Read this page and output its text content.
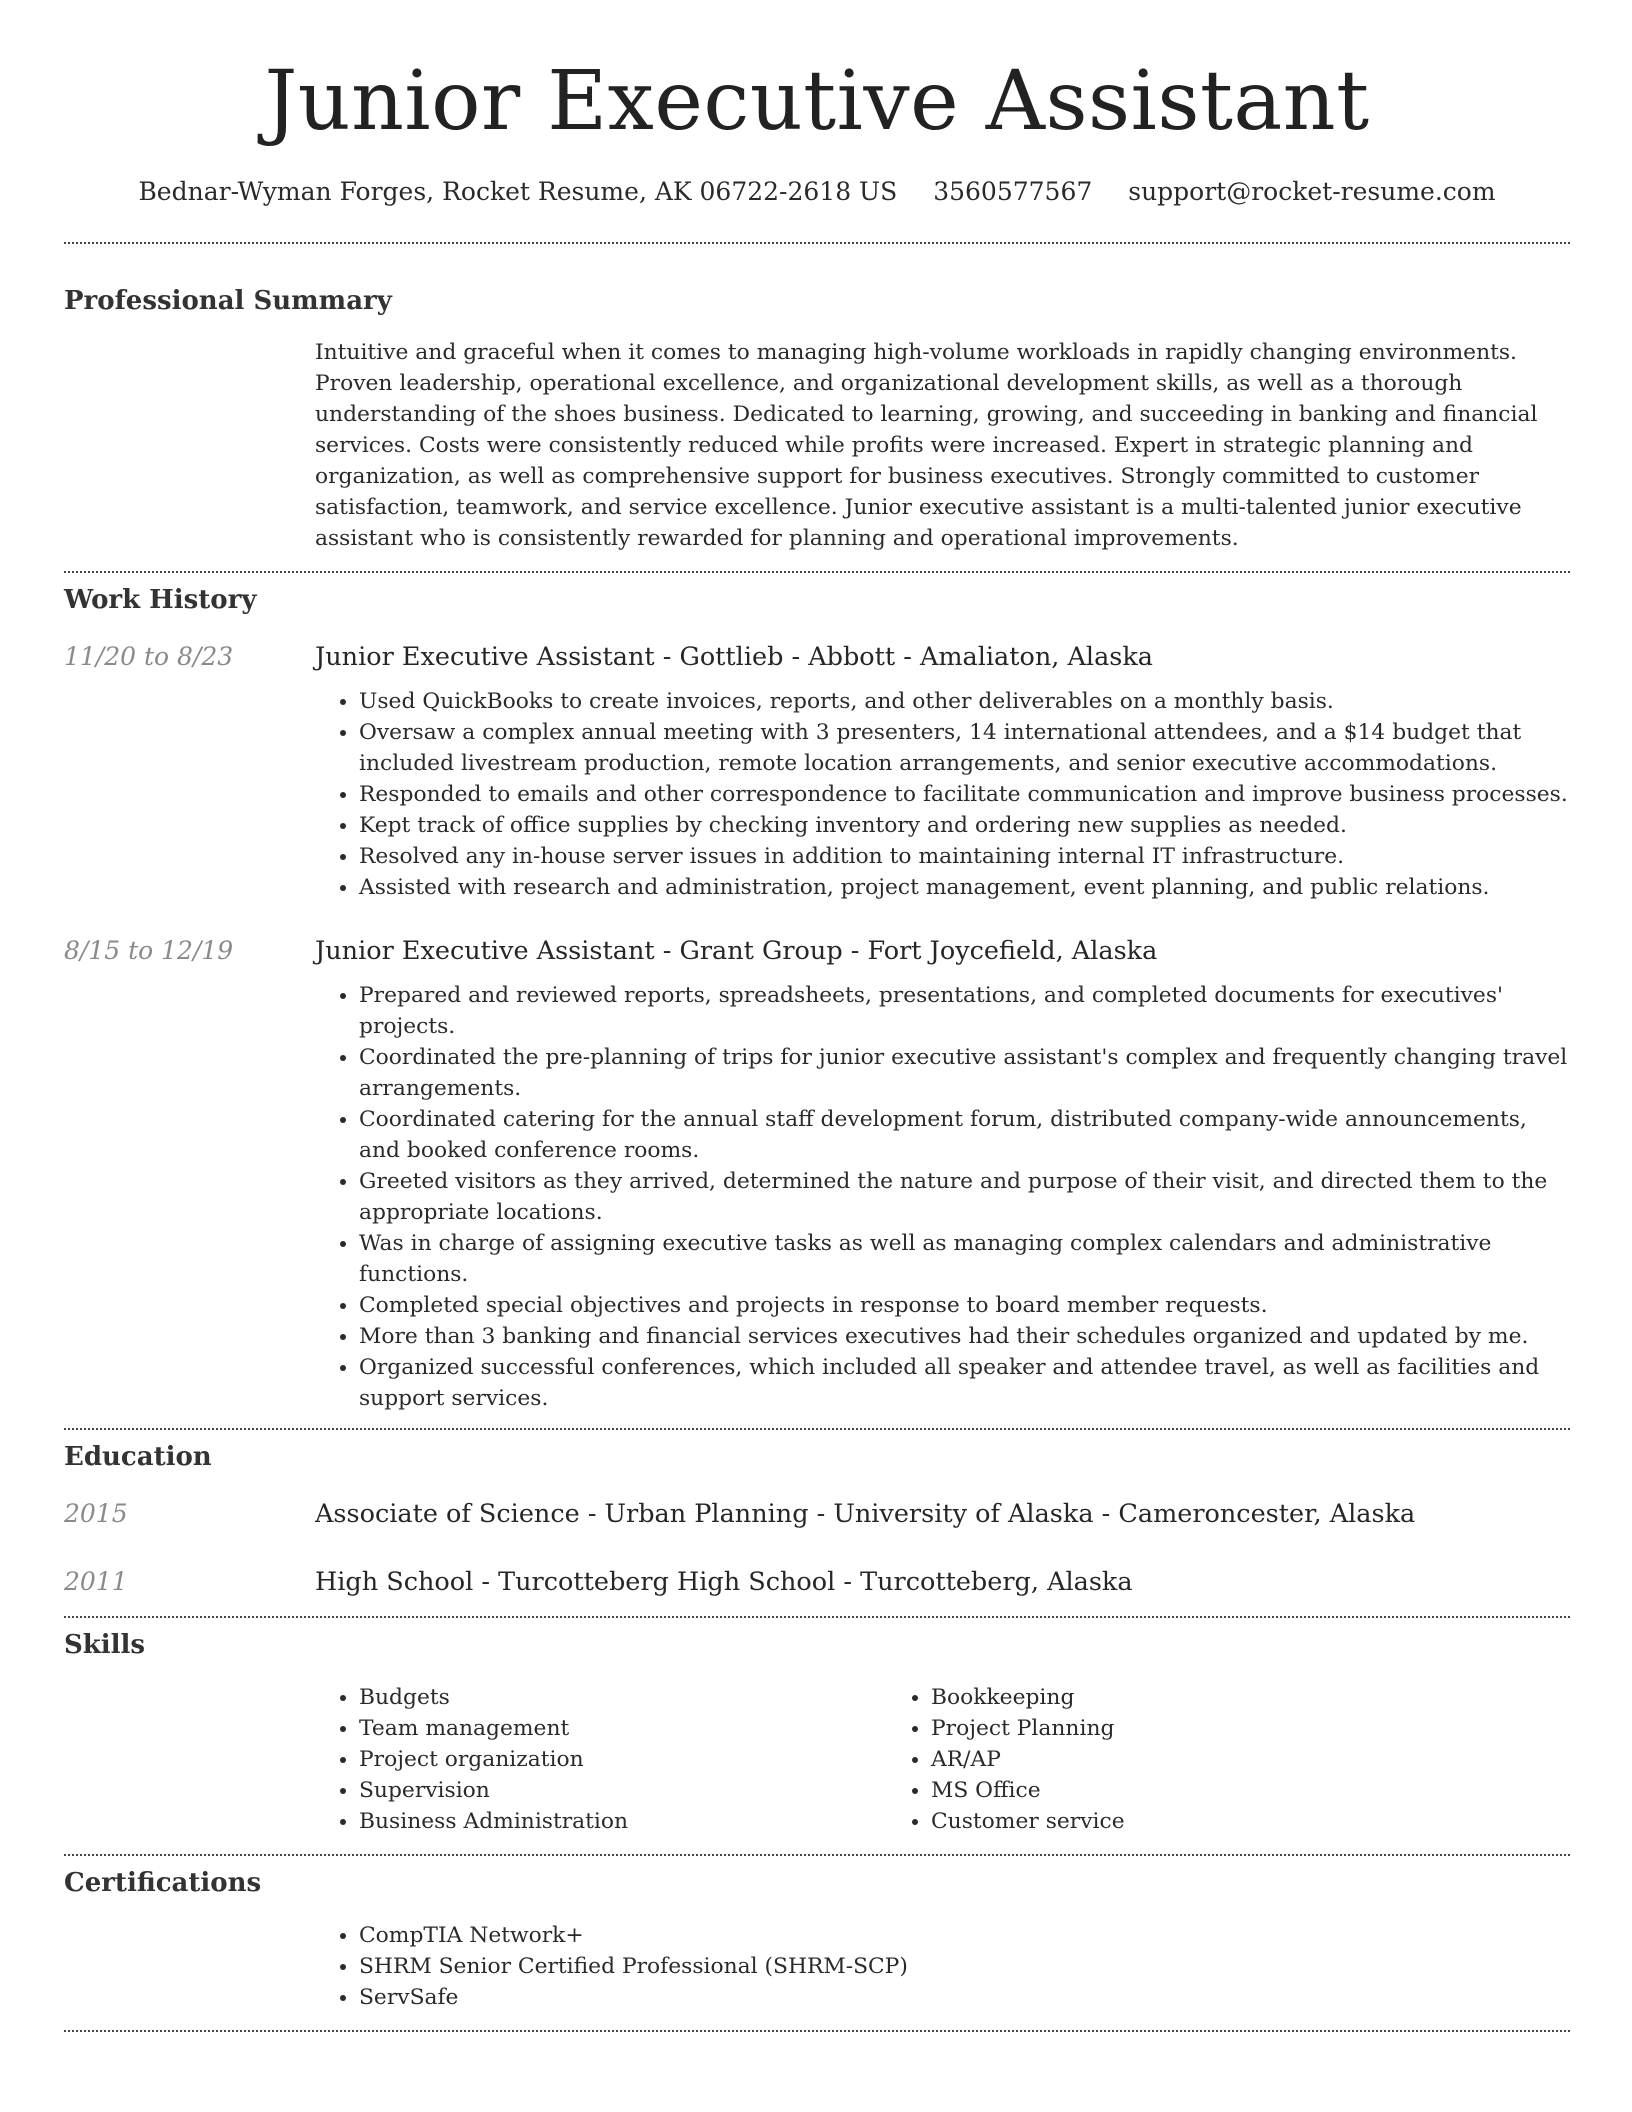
Junior Executive Assistant
Bednar-Wyman Forges, Rocket Resume, AK 06722-2618 US 3560577567 support@rocket-resume.com
Professional Summary
Intuitive and graceful when it comes to managing high-volume workloads in rapidly changing environments. Proven leadership, operational excellence, and organizational development skills, as well as a thorough understanding of the shoes business. Dedicated to learning, growing, and succeeding in banking and financial services. Costs were consistently reduced while profits were increased. Expert in strategic planning and organization, as well as comprehensive support for business executives. Strongly committed to customer satisfaction, teamwork, and service excellence. Junior executive assistant is a multi-talented junior executive assistant who is consistently rewarded for planning and operational improvements.
Work History
11/20 to 8/23	Junior Executive Assistant - Gottlieb - Abbott - Amaliaton, Alaska
• Used QuickBooks to create invoices, reports, and other deliverables on a monthly basis.
• Oversaw a complex annual meeting with 3 presenters, 14 international attendees, and a $14 budget that included livestream production, remote location arrangements, and senior executive accommodations.
• Responded to emails and other correspondence to facilitate communication and improve business processes.
• Kept track of office supplies by checking inventory and ordering new supplies as needed.
• Resolved any in-house server issues in addition to maintaining internal IT infrastructure.
• Assisted with research and administration, project management, event planning, and public relations.
8/15 to 12/19	Junior Executive Assistant - Grant Group - Fort Joycefield, Alaska
• Prepared and reviewed reports, spreadsheets, presentations, and completed documents for executives' projects.
• Coordinated the pre-planning of trips for junior executive assistant's complex and frequently changing travel arrangements.
• Coordinated catering for the annual staff development forum, distributed company-wide announcements, and booked conference rooms.
• Greeted visitors as they arrived, determined the nature and purpose of their visit, and directed them to the appropriate locations.
• Was in charge of assigning executive tasks as well as managing complex calendars and administrative functions.
• Completed special objectives and projects in response to board member requests.
• More than 3 banking and financial services executives had their schedules organized and updated by me.
• Organized successful conferences, which included all speaker and attendee travel, as well as facilities and support services.
Education
2015	Associate of Science - Urban Planning - University of Alaska - Cameroncester, Alaska
2011	High School - Turcotteberg High School - Turcotteberg, Alaska
Skills
• Budgets
• Team management
• Project organization
• Supervision
• Business Administration
• Bookkeeping
• Project Planning
• AR/AP
• MS Office
• Customer service
Certifications
• CompTIA Network+
• SHRM Senior Certified Professional (SHRM-SCP)
• ServSafe
